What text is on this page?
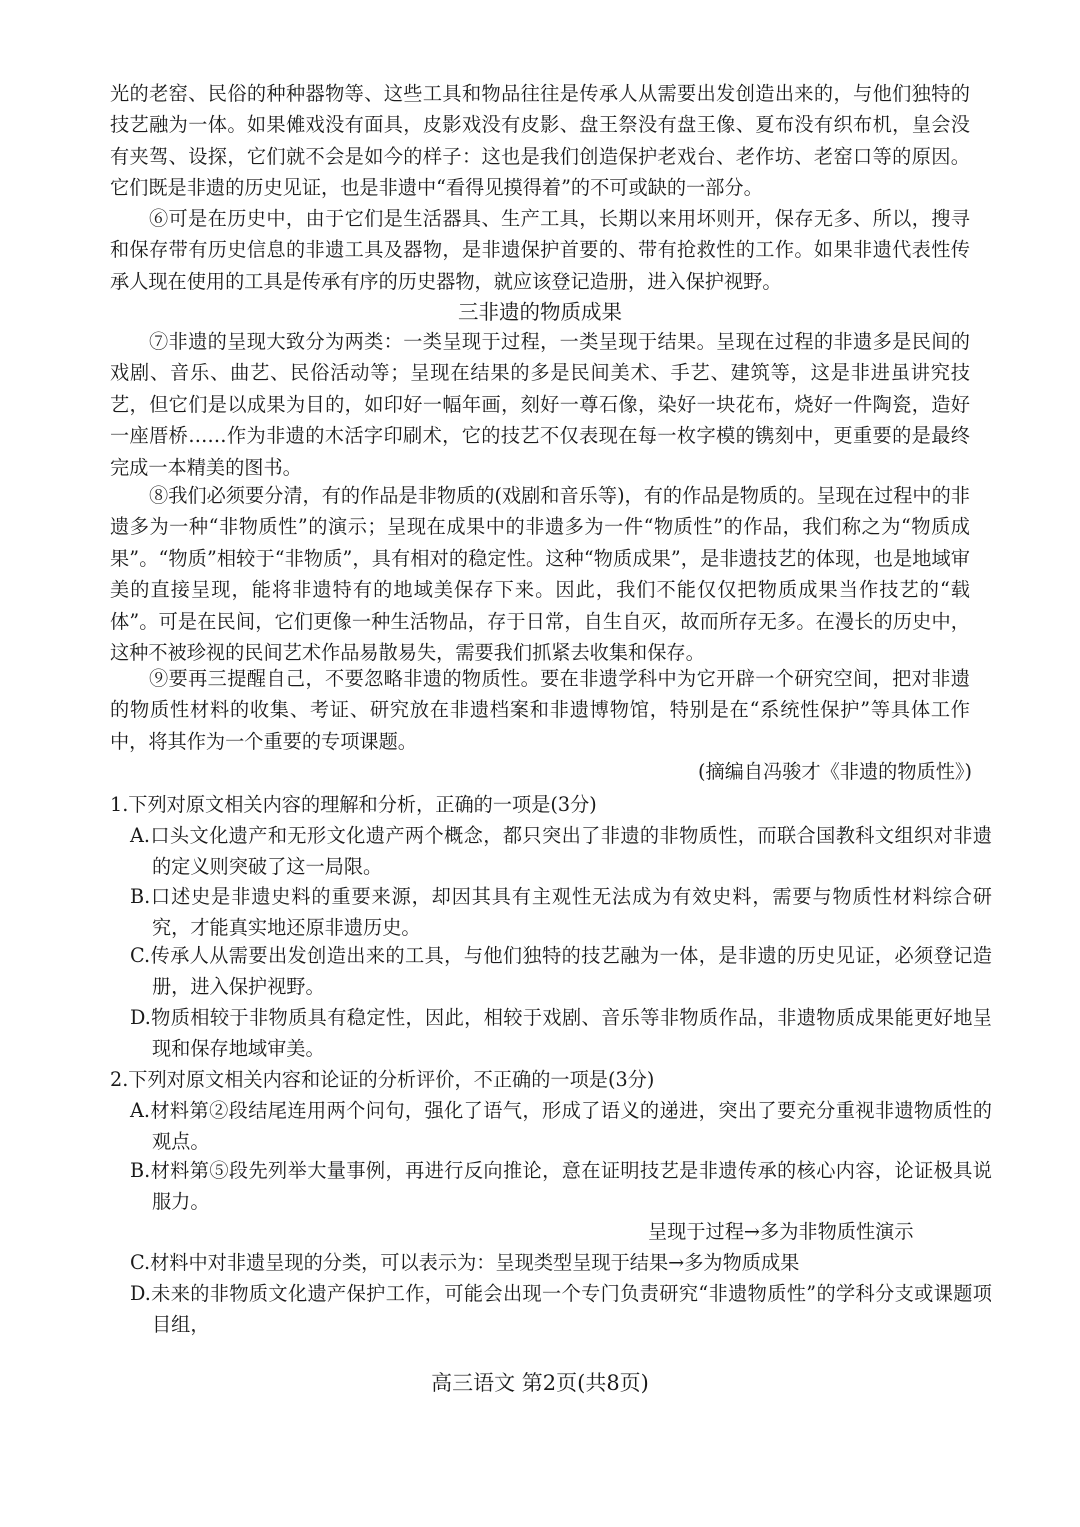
光的老窑、民俗的种种器物等、这些工具和物品往往是传承人从需要出发创造出来的，与他们独特的技艺融为一体。如果傩戏没有面具，皮影戏没有皮影、盘王祭没有盘王像、夏布没有织布机，皇会没有夹驾、设探，它们就不会是如今的样子：这也是我们创造保护老戏台、老作坊、老窑口等的原因。它们既是非遗的历史见证，也是非遗中“看得见摸得着”的不可或缺的一部分。

⑥可是在历史中，由于它们是生活器具、生产工具，长期以来用坏则开，保存无多、所以，搜寻和保存带有历史信息的非遗工具及器物，是非遗保护首要的、带有抢救性的工作。如果非遗代表性传承人现在使用的工具是传承有序的历史器物，就应该登记造册，进入保护视野。

三非遗的物质成果

⑦非遗的呈现大致分为两类：一类呈现于过程，一类呈现于结果。呈现在过程的非遗多是民间的戏剧、音乐、曲艺、民俗活动等；呈现在结果的多是民间美术、手艺、建筑等，这是非进虽讲究技艺，但它们是以成果为目的，如印好一幅年画，刻好一尊石像，染好一块花布，烧好一件陶瓷，造好一座厝桥……作为非遗的木活字印刷术，它的技艺不仅表现在每一枚字模的镌刻中，更重要的是最终完成一本精美的图书。

⑧我们必须要分清，有的作品是非物质的(戏剧和音乐等)，有的作品是物质的。呈现在过程中的非遗多为一种“非物质性”的演示；呈现在成果中的非遗多为一件“物质性”的作品，我们称之为“物质成果”。“物质”相较于“非物质”，具有相对的稳定性。这种“物质成果”，是非遗技艺的体现，也是地域审美的直接呈现，能将非遗特有的地域美保存下来。因此，我们不能仅仅把物质成果当作技艺的“载体”。可是在民间，它们更像一种生活物品，存于日常，自生自灭，故而所存无多。在漫长的历史中，这种不被珍视的民间艺术作品易散易失，需要我们抓紧去收集和保存。

⑨要再三提醒自己，不要忽略非遗的物质性。要在非遗学科中为它开辟一个研究空间，把对非遗的物质性材料的收集、考证、研究放在非遗档案和非遗博物馆，特别是在“系统性保护”等具体工作中，将其作为一个重要的专项课题。

(摘编自冯骏才《非遗的物质性》)

1.下列对原文相关内容的理解和分析，正确的一项是(3分)

A.口头文化遗产和无形文化遗产两个概念，都只突出了非遗的非物质性，而联合国教科文组织对非遗的定义则突破了这一局限。

B.口述史是非遗史料的重要来源，却因其具有主观性无法成为有效史料，需要与物质性材料综合研究，才能真实地还原非遗历史。

C.传承人从需要出发创造出来的工具，与他们独特的技艺融为一体，是非遗的历史见证，必须登记造册，进入保护视野。

D.物质相较于非物质具有稳定性，因此，相较于戏剧、音乐等非物质作品，非遗物质成果能更好地呈现和保存地域审美。

2.下列对原文相关内容和论证的分析评价，不正确的一项是(3分)

A.材料第②段结尾连用两个问句，强化了语气，形成了语义的递进，突出了要充分重视非遗物质性的观点。

B.材料第⑤段先列举大量事例，再进行反向推论，意在证明技艺是非遗传承的核心内容，论证极具说服力。

呈现于过程→多为非物质性演示

C.材料中对非遗呈现的分类，可以表示为：呈现类型呈现于结果→多为物质成果

D.未来的非物质文化遗产保护工作，可能会出现一个专门负责研究“非遗物质性”的学科分支或课题项目组，

高三语文 第2页(共8页)
